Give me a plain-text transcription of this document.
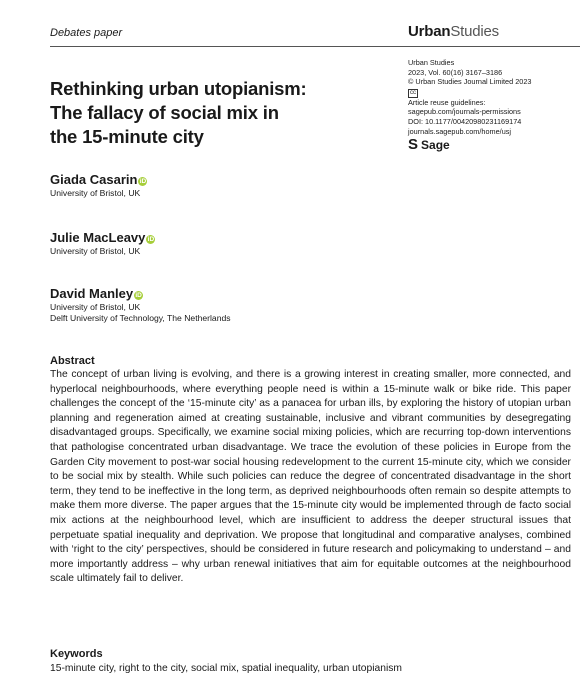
Debates paper	UrbanStudies
Urban Studies
2023, Vol. 60(16) 3167–3186
© Urban Studies Journal Limited 2023
cc
Article reuse guidelines:
sagepub.com/journals-permissions
DOI: 10.1177/00420980231169174
journals.sagepub.com/home/usj
S Sage
Rethinking urban utopianism:
The fallacy of social mix in
the 15-minute city
Giada Casarin iD
University of Bristol, UK
Julie MacLeavy iD
University of Bristol, UK
David Manley iD
University of Bristol, UK
Delft University of Technology, The Netherlands
Abstract
The concept of urban living is evolving, and there is a growing interest in creating smaller, more connected, and hyperlocal neighbourhoods, where everything people need is within a 15-minute walk or bike ride. This paper challenges the concept of the ‘15-minute city’ as a panacea for urban ills, by exploring the history of utopian urban planning and regeneration aimed at creating sustainable, inclusive and vibrant communities by desegregating disadvantaged groups. Specifically, we examine social mixing policies, which are recurring top-down interventions that pathologise concentrated urban disadvantage. We trace the evolution of these policies in Europe from the Garden City movement to post-war social housing redevelopment to the current 15-minute city, which we consider to be social mix by stealth. While such policies can reduce the degree of concentrated disadvantage in the short term, they tend to be ineffective in the long term, as deprived neighbourhoods often remain so despite attempts to make them more diverse. The paper argues that the 15-minute city would be implemented through de facto social mix actions at the neighbourhood level, which are insufficient to address the deeper structural issues that perpetuate spatial inequality and deprivation. We propose that longitudinal and comparative analyses, combined with ‘right to the city’ perspectives, should be considered in future research and policymaking to understand – and more importantly address – why urban renewal initiatives that aim for equitable outcomes at the neighbourhood scale ultimately fail to deliver.
Keywords
15-minute city, right to the city, social mix, spatial inequality, urban utopianism
